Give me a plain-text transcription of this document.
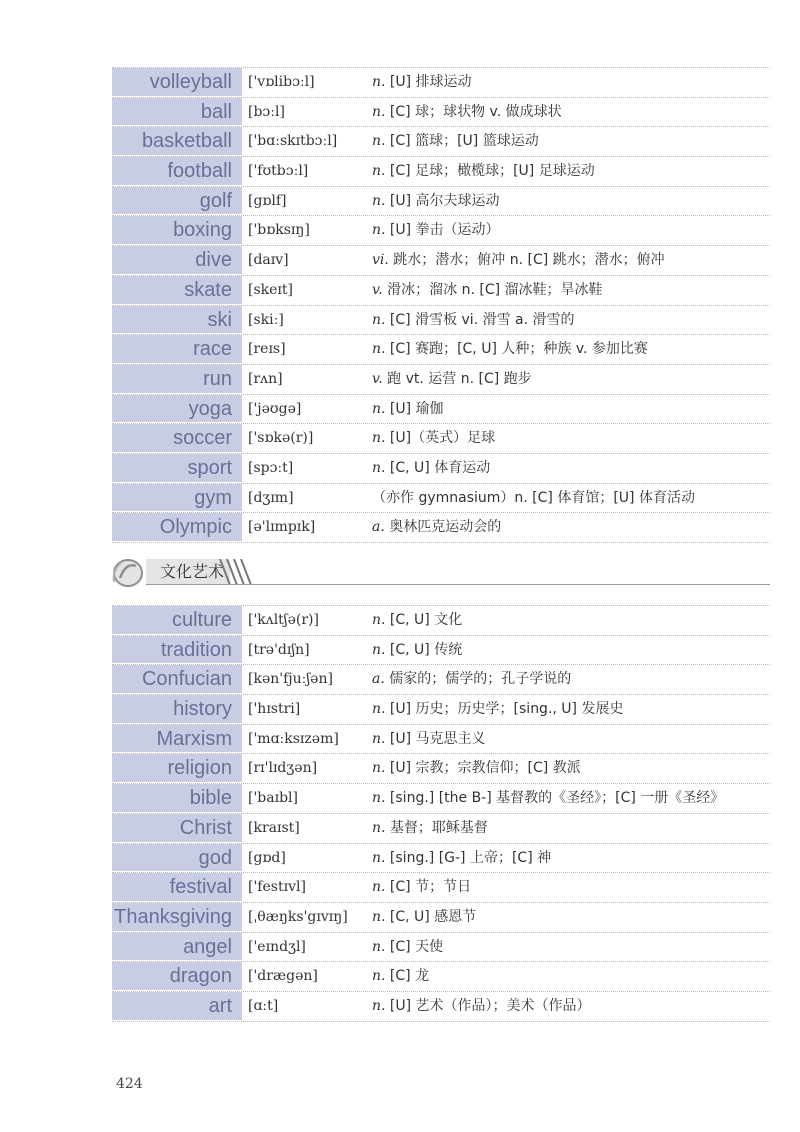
volleyball	['vɒlibɔːl]	n. [U] 排球运动
ball	[bɔːl]	n. [C] 球；球状物 v. 做成球状
basketball	['bɑːskɪtbɔːl]	n. [C] 篮球；[U] 篮球运动
football	['fʊtbɔːl]	n. [C] 足球；橄榄球；[U] 足球运动
golf	[gɒlf]	n. [U] 高尔夫球运动
boxing	['bɒksɪŋ]	n. [U] 拳击（运动）
dive	[daɪv]	vi. 跳水；潜水；俯冲 n. [C] 跳水；潜水；俯冲
skate	[skeɪt]	v. 滑冰；溜冰 n. [C] 溜冰鞋；旱冰鞋
ski	[skiː]	n. [C] 滑雪板 vi. 滑雪 a. 滑雪的
race	[reɪs]	n. [C] 赛跑；[C, U] 人种；种族 v. 参加比赛
run	[rʌn]	v. 跑 vt. 运营 n. [C] 跑步
yoga	['jəʊgə]	n. [U] 瑜伽
soccer	['sɒkə(r)]	n. [U]（英式）足球
sport	[spɔːt]	n. [C, U] 体育运动
gym	[dʒɪm]	（亦作 gymnasium）n. [C] 体育馆；[U] 体育活动
Olympic	[ə'lɪmpɪk]	a. 奥林匹克运动会的
文化艺术
culture	['kʌltʃə(r)]	n. [C, U] 文化
tradition	[trə'dɪʃn]	n. [C, U] 传统
Confucian	[kən'fjuːʃən]	a. 儒家的；儒学的；孔子学说的
history	['hɪstri]	n. [U] 历史；历史学；[sing., U] 发展史
Marxism	['mɑːksɪzəm]	n. [U] 马克思主义
religion	[rɪ'lɪdʒən]	n. [U] 宗教；宗教信仰；[C] 教派
bible	['baɪbl]	n. [sing.] [the B-] 基督教的《圣经》；[C] 一册《圣经》
Christ	[kraɪst]	n. 基督；耶稣基督
god	[gɒd]	n. [sing.] [G-] 上帝；[C] 神
festival	['festɪvl]	n. [C] 节；节日
Thanksgiving	[ˌθæŋks'gɪvɪŋ]	n. [C, U] 感恩节
angel	['eɪndʒl]	n. [C] 天使
dragon	['drægən]	n. [C] 龙
art	[ɑːt]	n. [U] 艺术（作品）；美术（作品）
424
